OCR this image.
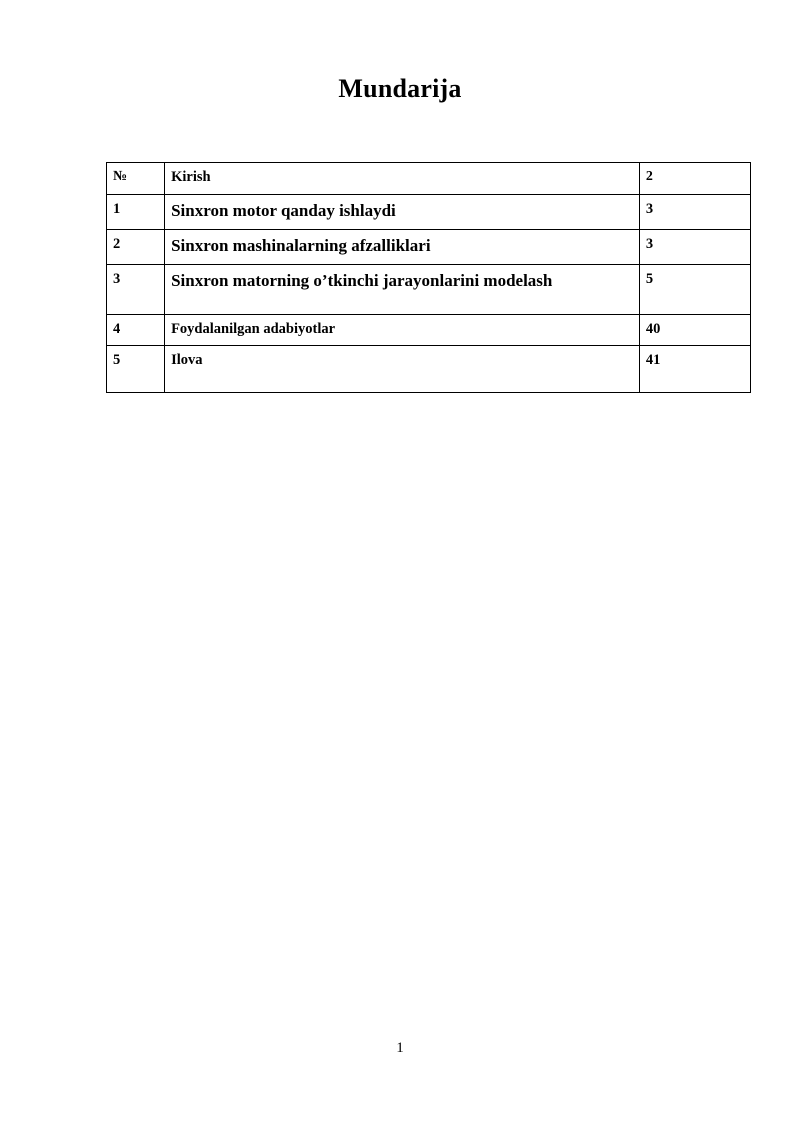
Mundarija
№	Kirish	2
1	Sinxron motor qanday ishlaydi	3
2	Sinxron mashinalarning afzalliklari	3
3	Sinxron matorning o’tkinchi jarayonlarini modelash	5
4	Foydalanilgan adabiyotlar	40
5	Ilova	41
1
